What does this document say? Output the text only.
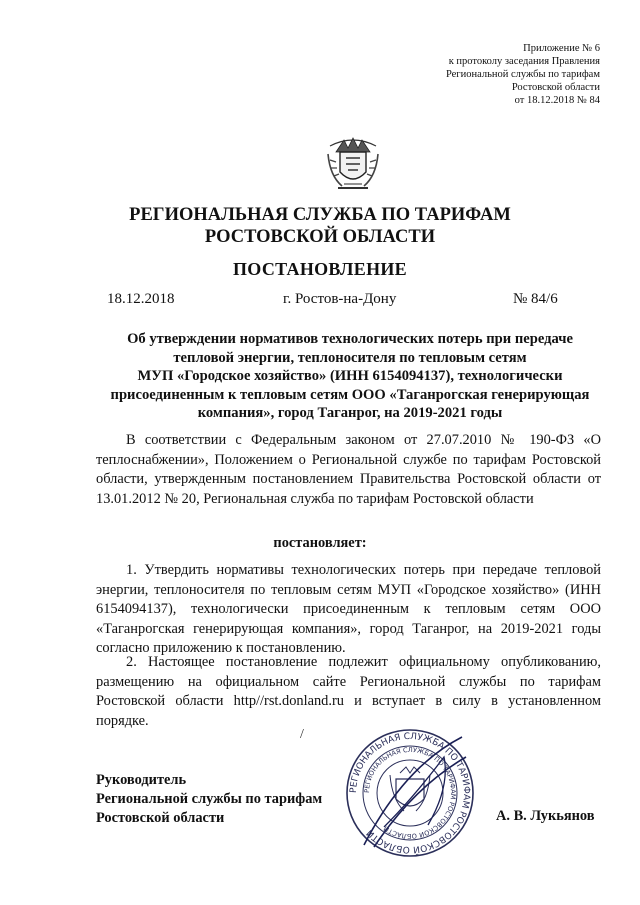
Приложение № 6
к протоколу заседания Правления
Региональной службы по тарифам
Ростовской области
от 18.12.2018 № 84
РЕГИОНАЛЬНАЯ СЛУЖБА ПО ТАРИФАМ
РОСТОВСКОЙ ОБЛАСТИ
ПОСТАНОВЛЕНИЕ
18.12.2018	г. Ростов-на-Дону	№ 84/6
Об утверждении нормативов технологических потерь при передаче
тепловой энергии, теплоносителя по тепловым сетям
МУП «Городское хозяйство» (ИНН 6154094137), технологически
присоединенным к тепловым сетям ООО «Таганрогская генерирующая
компания», город Таганрог, на 2019-2021 годы
В соответствии с Федеральным законом от 27.07.2010 № 190-ФЗ «О теплоснабжении», Положением о Региональной службе по тарифам Ростовской области, утвержденным постановлением Правительства Ростовской области от 13.01.2012 № 20, Региональная служба по тарифам Ростовской области
постановляет:
1. Утвердить нормативы технологических потерь при передаче тепловой энергии, теплоносителя по тепловым сетям МУП «Городское хозяйство» (ИНН 6154094137), технологически присоединенным к тепловым сетям ООО «Таганрогская генерирующая компания», город Таганрог, на 2019-2021 годы согласно приложению к постановлению.
2. Настоящее постановление подлежит официальному опубликованию, размещению на официальном сайте Региональной службы по тарифам Ростовской области http//rst.donland.ru и вступает в силу в установленном порядке.
/
РЕГИОНАЛЬНАЯ СЛУЖБА ПО ТАРИФАМ РОСТОВСКОЙ ОБЛАСТИ
РЕГИОНАЛЬНАЯ СЛУЖБА ПО ТАРИФАМ РОСТОВСКОЙ ОБЛАСТИ
Руководитель
Региональной службы по тарифам
Ростовской области	А. В. Лукьянов
